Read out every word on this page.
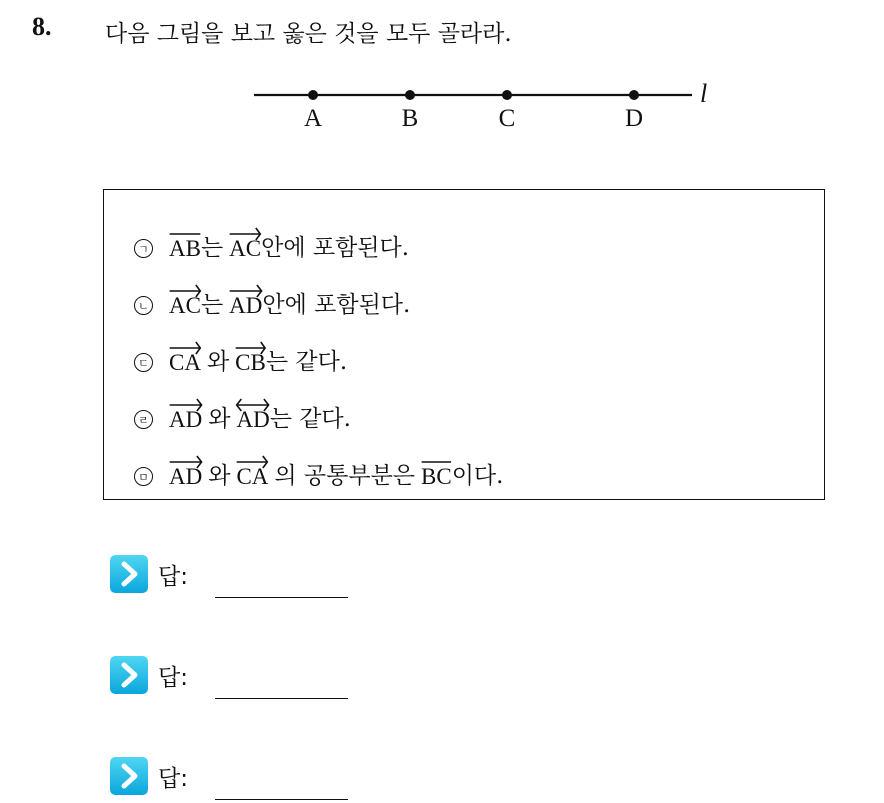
8. 다음 그림을 보고 옳은 것을 모두 골라라.
l
A	B	C	D
ㄱ AB 는 AC 안에 포함된다.
ㄴ AC 는 AD 안에 포함된다.
ㄷ CA 와 CB 는 같다.
ㄹ AD 와 AD 는 같다.
ㅁ AD 와 CA 의 공통부분은 BC 이다.
답:
답:
답:
